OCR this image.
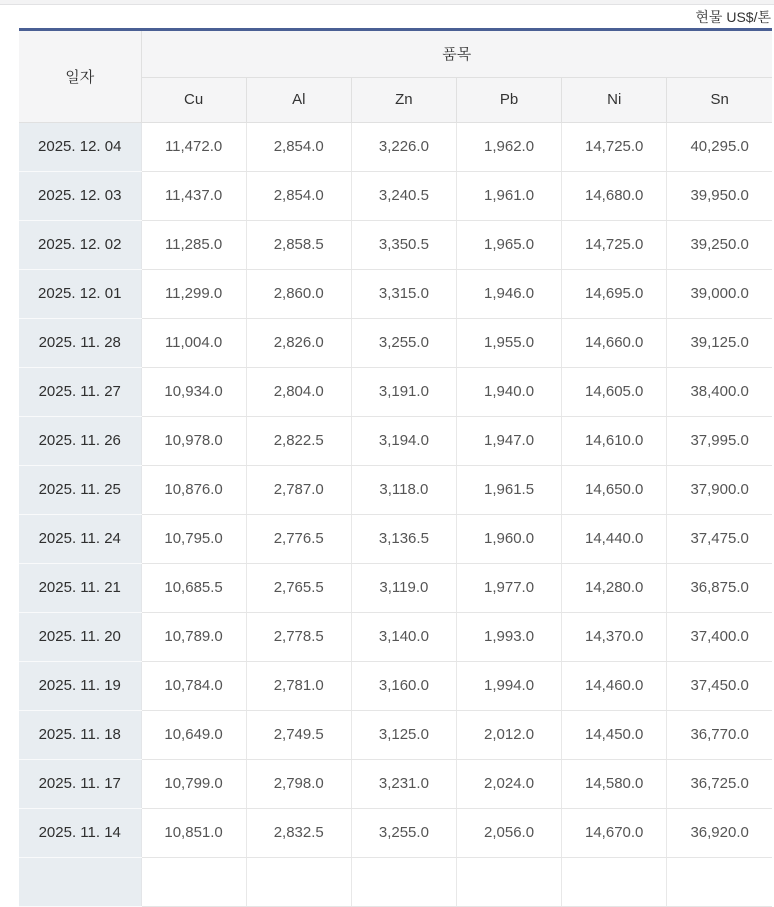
현물 US$/톤
일자	품목					
	Cu	Al	Zn	Pb	Ni	Sn
2025. 12. 04	11,472.0	2,854.0	3,226.0	1,962.0	14,725.0	40,295.0
2025. 12. 03	11,437.0	2,854.0	3,240.5	1,961.0	14,680.0	39,950.0
2025. 12. 02	11,285.0	2,858.5	3,350.5	1,965.0	14,725.0	39,250.0
2025. 12. 01	11,299.0	2,860.0	3,315.0	1,946.0	14,695.0	39,000.0
2025. 11. 28	11,004.0	2,826.0	3,255.0	1,955.0	14,660.0	39,125.0
2025. 11. 27	10,934.0	2,804.0	3,191.0	1,940.0	14,605.0	38,400.0
2025. 11. 26	10,978.0	2,822.5	3,194.0	1,947.0	14,610.0	37,995.0
2025. 11. 25	10,876.0	2,787.0	3,118.0	1,961.5	14,650.0	37,900.0
2025. 11. 24	10,795.0	2,776.5	3,136.5	1,960.0	14,440.0	37,475.0
2025. 11. 21	10,685.5	2,765.5	3,119.0	1,977.0	14,280.0	36,875.0
2025. 11. 20	10,789.0	2,778.5	3,140.0	1,993.0	14,370.0	37,400.0
2025. 11. 19	10,784.0	2,781.0	3,160.0	1,994.0	14,460.0	37,450.0
2025. 11. 18	10,649.0	2,749.5	3,125.0	2,012.0	14,450.0	36,770.0
2025. 11. 17	10,799.0	2,798.0	3,231.0	2,024.0	14,580.0	36,725.0
2025. 11. 14	10,851.0	2,832.5	3,255.0	2,056.0	14,670.0	36,920.0
